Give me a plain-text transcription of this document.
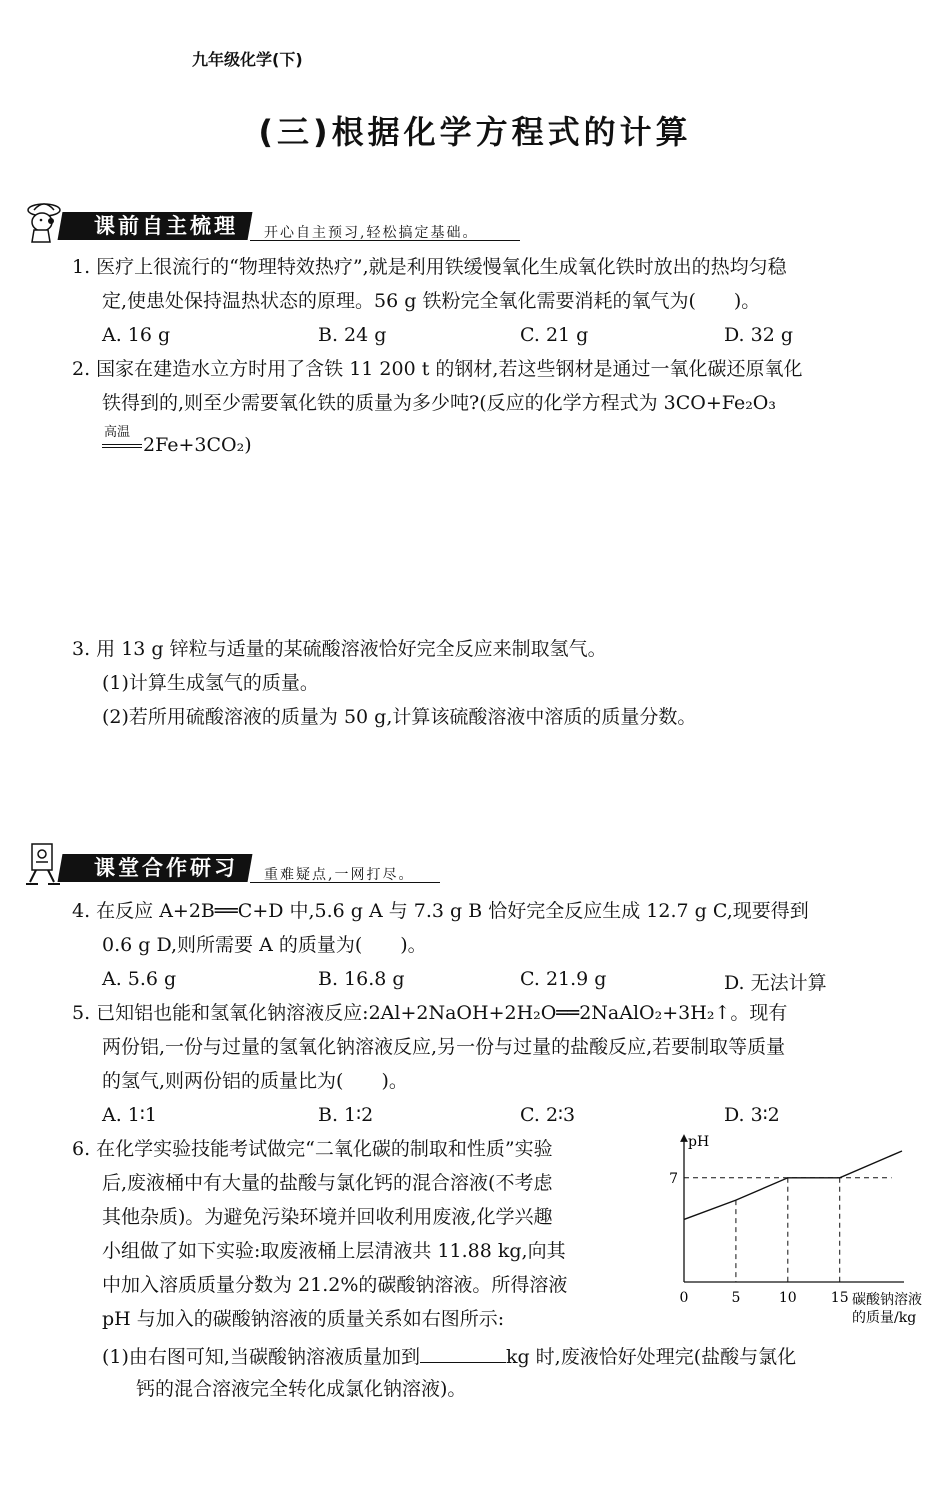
九年级化学(下)
(三)根据化学方程式的计算
课前自主梳理	开心自主预习,轻松搞定基础。
1. 医疗上很流行的“物理特效热疗”,就是利用铁缓慢氧化生成氧化铁时放出的热均匀稳
定,使患处保持温热状态的原理。56 g 铁粉完全氧化需要消耗的氧气为(　　)。
A. 16 g	B. 24 g	C. 21 g	D. 32 g
2. 国家在建造水立方时用了含铁 11 200 t 的钢材,若这些钢材是通过一氧化碳还原氧化
铁得到的,则至少需要氧化铁的质量为多少吨?(反应的化学方程式为 3CO+Fe₂O₃
高温
2Fe+3CO₂)
3. 用 13 g 锌粒与适量的某硫酸溶液恰好完全反应来制取氢气。
(1)计算生成氢气的质量。
(2)若所用硫酸溶液的质量为 50 g,计算该硫酸溶液中溶质的质量分数。
课堂合作研习	重难疑点,一网打尽。
4. 在反应 A+2B══C+D 中,5.6 g A 与 7.3 g B 恰好完全反应生成 12.7 g C,现要得到
0.6 g D,则所需要 A 的质量为(　　)。
A. 5.6 g	B. 16.8 g	C. 21.9 g	D. 无法计算
5. 已知铝也能和氢氧化钠溶液反应:2Al+2NaOH+2H₂O══2NaAlO₂+3H₂↑。现有
两份铝,一份与过量的氢氧化钠溶液反应,另一份与过量的盐酸反应,若要制取等质量
的氢气,则两份铝的质量比为(　　)。
A. 1∶1	B. 1∶2	C. 2∶3	D. 3∶2
6. 在化学实验技能考试做完“二氧化碳的制取和性质”实验
后,废液桶中有大量的盐酸与氯化钙的混合溶液(不考虑
其他杂质)。为避免污染环境并回收利用废液,化学兴趣
小组做了如下实验:取废液桶上层清液共 11.88 kg,向其
中加入溶质质量分数为 21.2%的碳酸钠溶液。所得溶液
pH 与加入的碳酸钠溶液的质量关系如右图所示:
(1)由右图可知,当碳酸钠溶液质量加到	kg 时,废液恰好处理完(盐酸与氯化
钙的混合溶液完全转化成氯化钠溶液)。
pH
碳酸钠溶液
的质量/kg
0	5	10 15
7
